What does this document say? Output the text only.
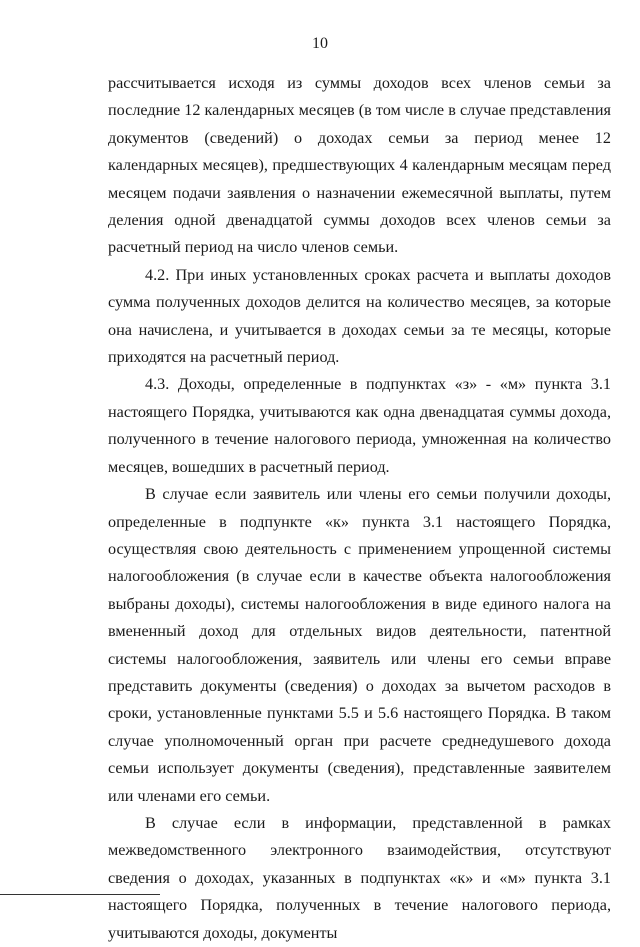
10

рассчитывается исходя из суммы доходов всех членов семьи за последние 12 календарных месяцев (в том числе в случае представления документов (сведений) о доходах семьи за период менее 12 календарных месяцев), предшествующих 4 календарным месяцам перед месяцем подачи заявления о назначении ежемесячной выплаты, путем деления одной двенадцатой суммы доходов всех членов семьи за расчетный период на число членов семьи.

4.2. При иных установленных сроках расчета и выплаты доходов сумма полученных доходов делится на количество месяцев, за которые она начислена, и учитывается в доходах семьи за те месяцы, которые приходятся на расчетный период.

4.3. Доходы, определенные в подпунктах «з» - «м» пункта 3.1 настоящего Порядка, учитываются как одна двенадцатая суммы дохода, полученного в течение налогового периода, умноженная на количество месяцев, вошедших в расчетный период.

В случае если заявитель или члены его семьи получили доходы, определенные в подпункте «к» пункта 3.1 настоящего Порядка, осуществляя свою деятельность с применением упрощенной системы налогообложения (в случае если в качестве объекта налогообложения выбраны доходы), системы налогообложения в виде единого налога на вмененный доход для отдельных видов деятельности, патентной системы налогообложения, заявитель или члены его семьи вправе представить документы (сведения) о доходах за вычетом расходов в сроки, установленные пунктами 5.5 и 5.6 настоящего Порядка. В таком случае уполномоченный орган при расчете среднедушевого дохода семьи использует документы (сведения), представленные заявителем или членами его семьи.

В случае если в информации, представленной в рамках межведомственного электронного взаимодействия, отсутствуют сведения о доходах, указанных в подпунктах «к» и «м» пункта 3.1 настоящего Порядка, полученных в течение налогового периода, учитываются доходы, документы
